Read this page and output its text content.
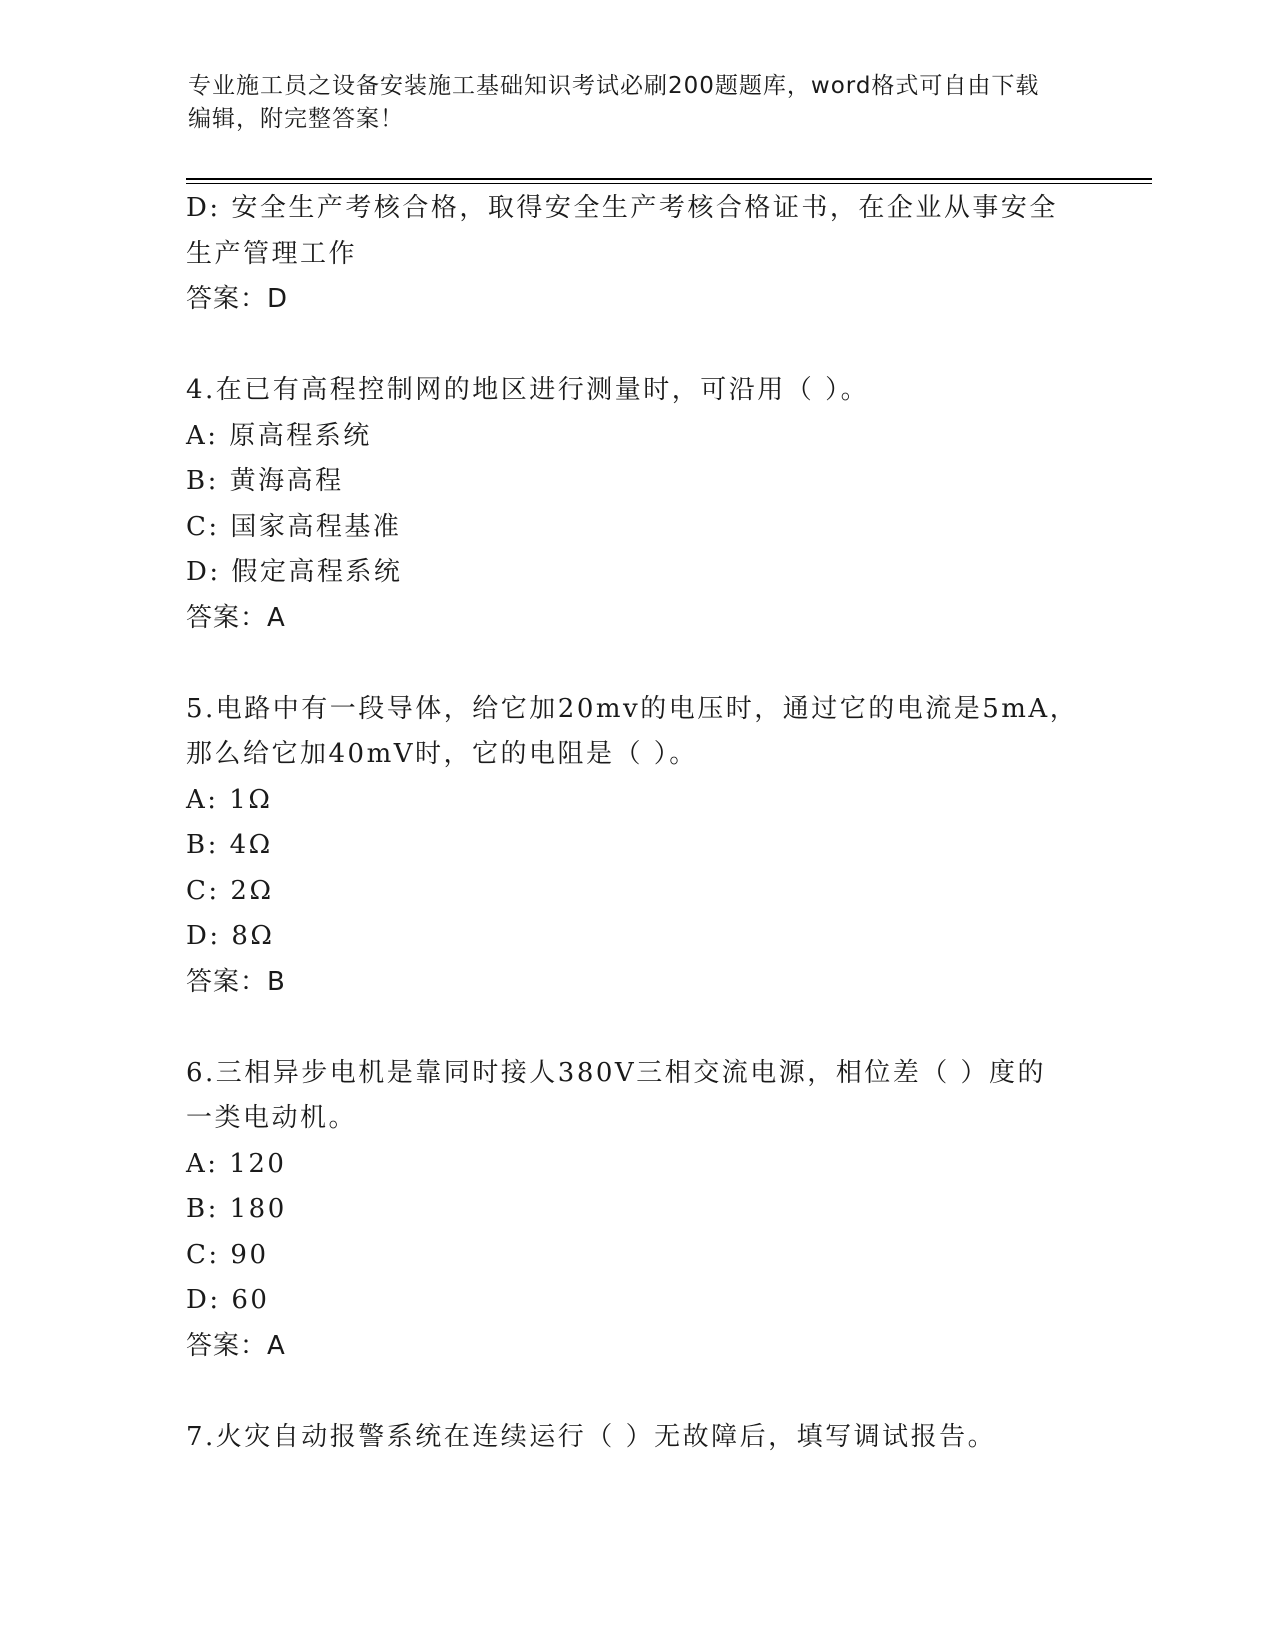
专业施工员之设备安装施工基础知识考试必刷200题题库，word格式可自由下载
编辑，附完整答案！
D: 安全生产考核合格，取得安全生产考核合格证书，在企业从事安全
生产管理工作
答案：D
4.在已有高程控制网的地区进行测量时，可沿用（ ）。
A: 原高程系统
B: 黄海高程
C: 国家高程基准
D: 假定高程系统
答案：A
5.电路中有一段导体，给它加20mv的电压时，通过它的电流是5mA，
那么给它加40mV时，它的电阻是（ ）。
A: 1Ω
B: 4Ω
C: 2Ω
D: 8Ω
答案：B
6.三相异步电机是靠同时接人380V三相交流电源，相位差（ ）度的
一类电动机。
A: 120
B: 180
C: 90
D: 60
答案：A
7.火灾自动报警系统在连续运行（ ）无故障后，填写调试报告。
